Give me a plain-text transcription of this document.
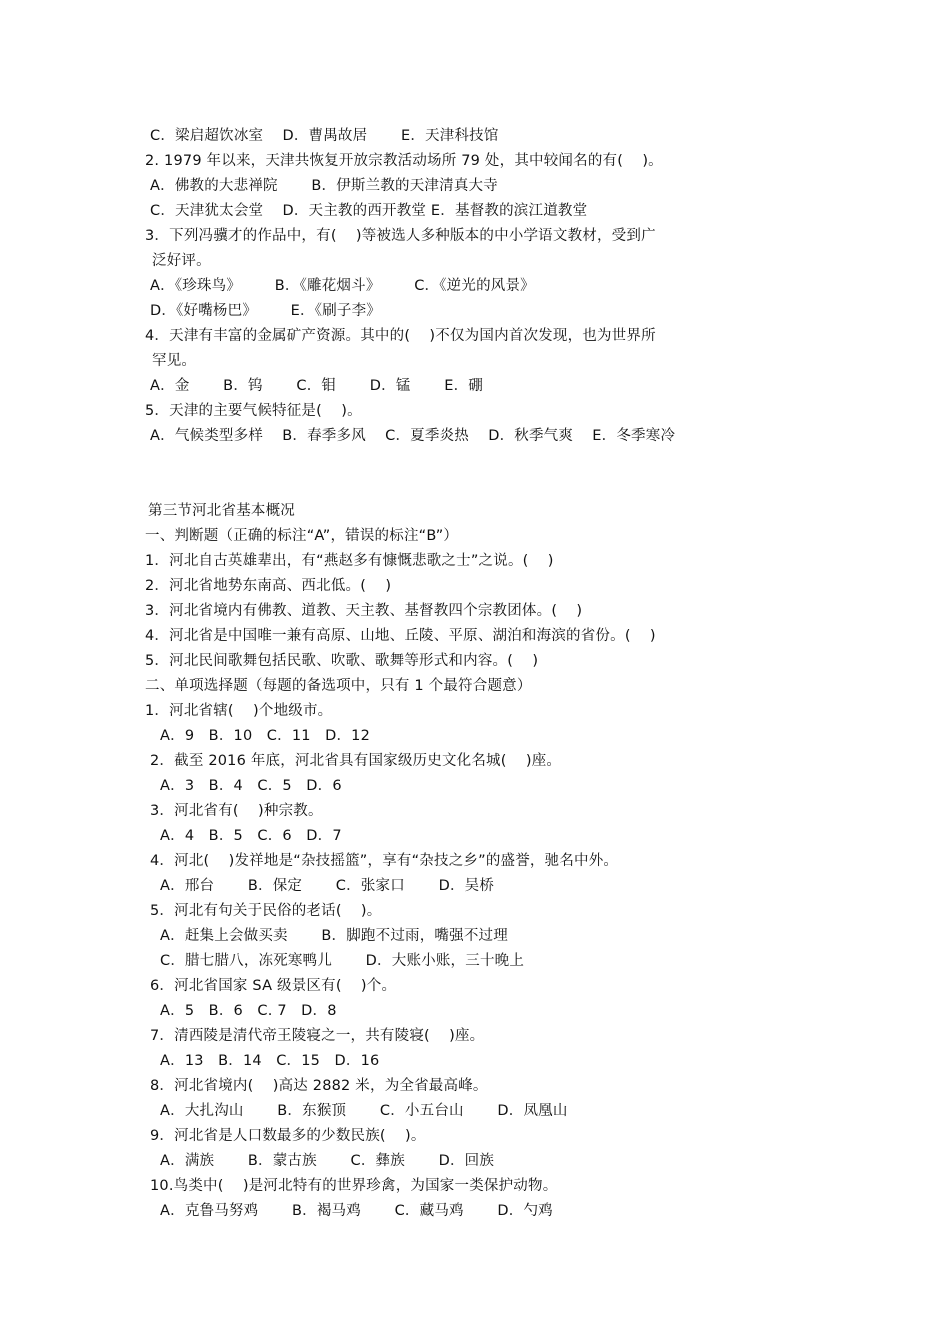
C．梁启超饮冰室    D．曹禺故居       E．天津科技馆
2. 1979 年以来，天津共恢复开放宗教活动场所 79 处，其中较闻名的有(    )。
A．佛教的大悲禅院       B．伊斯兰教的天津清真大寺
C．天津犹太会堂    D．天主教的西开教堂 E．基督教的滨江道教堂
3．下列冯骥才的作品中，有(    )等被选人多种版本的中小学语文教材，受到广
泛好评。
A．《珍珠鸟》       B．《雕花烟斗》       C．《逆光的风景》
D．《好嘴杨巴》       E．《刷子李》
4．天津有丰富的金属矿产资源。其中的(    )不仅为国内首次发现，也为世界所
罕见。
A．金       B．钨       C．钼       D．锰       E．硼
5．天津的主要气候特征是(    )。
A．气候类型多样    B．春季多风    C．夏季炎热    D．秋季气爽    E．冬季寒冷
第三节河北省基本概况
一、判断题（正确的标注“A”，错误的标注“B”）
1．河北自古英雄辈出，有“燕赵多有慷慨悲歌之士”之说。(    )
2．河北省地势东南高、西北低。(    )
3．河北省境内有佛教、道教、天主教、基督教四个宗教团体。(    )
4．河北省是中国唯一兼有高原、山地、丘陵、平原、湖泊和海滨的省份。(    )
5．河北民间歌舞包括民歌、吹歌、歌舞等形式和内容。(    )
二、单项选择题（每题的备选项中，只有 1 个最符合题意）
1．河北省辖(    )个地级市。
A．9   B．10   C．11   D．12
2．截至 2016 年底，河北省具有国家级历史文化名城(    )座。
A．3   B．4   C．5   D．6
3．河北省有(    )种宗教。
A．4   B．5   C．6   D．7
4．河北(    )发祥地是“杂技摇篮”，享有“杂技之乡”的盛誉，驰名中外。
A．邢台       B．保定       C．张家口       D．吴桥
5．河北有句关于民俗的老话(    )。
A．赶集上会做买卖       B．脚跑不过雨，嘴强不过理
C．腊七腊八，冻死寒鸭儿       D．大账小账，三十晚上
6．河北省国家 SA 级景区有(    )个。
A．5   B．6   C. 7   D．8
7．清西陵是清代帝王陵寝之一，共有陵寝(    )座。
A．13   B．14   C．15   D．16
8．河北省境内(    )高达 2882 米，为全省最高峰。
A．大扎沟山       B．东猴顶       C．小五台山       D．凤凰山
9．河北省是人口数最多的少数民族(    )。
A．满族       B．蒙古族       C．彝族       D．回族
10.鸟类中(    )是河北特有的世界珍禽，为国家一类保护动物。
A．克鲁马努鸡       B．褐马鸡       C．藏马鸡       D．勺鸡
